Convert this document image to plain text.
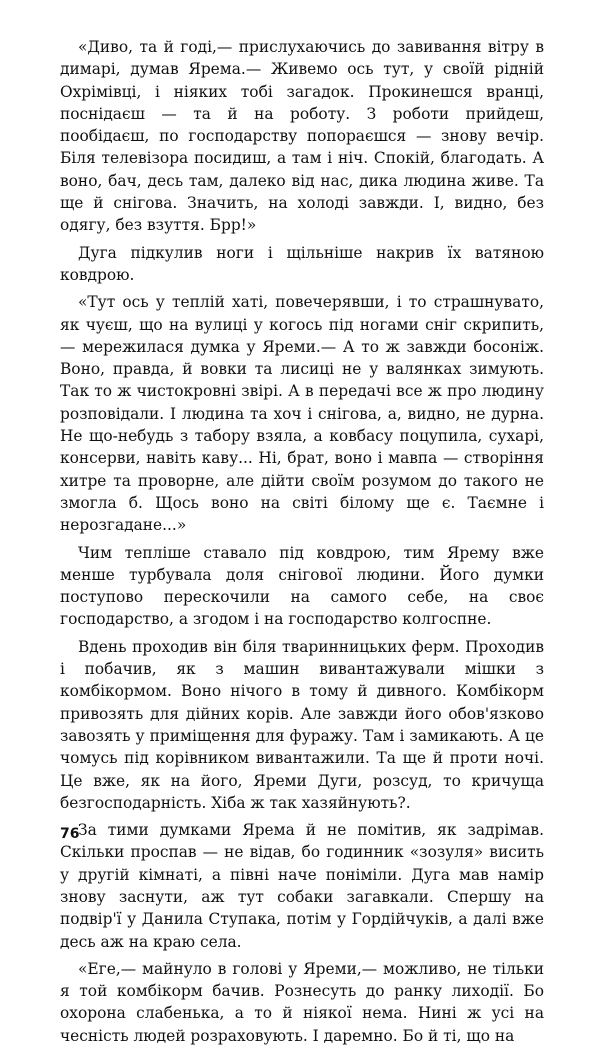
«Диво, та й годі,— прислухаючись до завивання вітру в димарі, думав Ярема.— Живемо ось тут, у своїй рідній Охрімівці, і ніяких тобі загадок. Прокинешся вранці, поснідаєш — та й на роботу. З роботи прийдеш, пообідаєш, по господарству попораєшся — знову вечір. Біля телевізора посидиш, а там і ніч. Спокій, благодать. А воно, бач, десь там, далеко від нас, дика людина живе. Та ще й снігова. Значить, на холоді завжди. І, видно, без одягу, без взуття. Брр!»

Дуга підкулив ноги і щільніше накрив їх ватяною ковдрою.

«Тут ось у теплій хаті, повечерявши, і то страшнувато, як чуєш, що на вулиці у когось під ногами сніг скрипить,— мережилася думка у Яреми.— А то ж завжди босоніж. Воно, правда, й вовки та лисиці не у валянках зимують. Так то ж чистокровні звірі. А в передачі все ж про людину розповідали. І людина та хоч і снігова, а, видно, не дурна. Не що-небудь з табору взяла, а ковбасу поцупила, сухарі, консерви, навіть каву... Ні, брат, воно і мавпа — створіння хитре та проворне, але дійти своїм розумом до такого не змогла б. Щось воно на світі білому ще є. Таємне і нерозгадане...»

Чим тепліше ставало під ковдрою, тим Ярему вже менше турбувала доля снігової людини. Його думки поступово перескочили на самого себе, на своє господарство, а згодом і на господарство колгоспне.

Вдень проходив він біля тваринницьких ферм. Проходив і побачив, як з машин вивантажували мішки з комбікормом. Воно нічого в тому й дивного. Комбікорм привозять для дійних корів. Але завжди його обов'язково завозять у приміщення для фуражу. Там і замикають. А це чомусь під корівником вивантажили. Та ще й проти ночі. Це вже, як на його, Яреми Дуги, розсуд, то кричуща безгосподарність. Хіба ж так хазяйнують?.

За тими думками Ярема й не помітив, як задрімав. Скільки проспав — не відав, бо годинник «зозуля» висить у другій кімнаті, а півні наче поніміли. Дуга мав намір знову заснути, аж тут собаки загавкали. Спершу на подвір'ї у Данила Ступака, потім у Гордійчуків, а далі вже десь аж на краю села.

«Еге,— майнуло в голові у Яреми,— можливо, не тільки я той комбікорм бачив. Рознесуть до ранку лиходії. Бо охорона слабенька, а то й ніякої нема. Нині ж усі на чесність людей розраховують. І даремно. Бо й ті, що на

76
